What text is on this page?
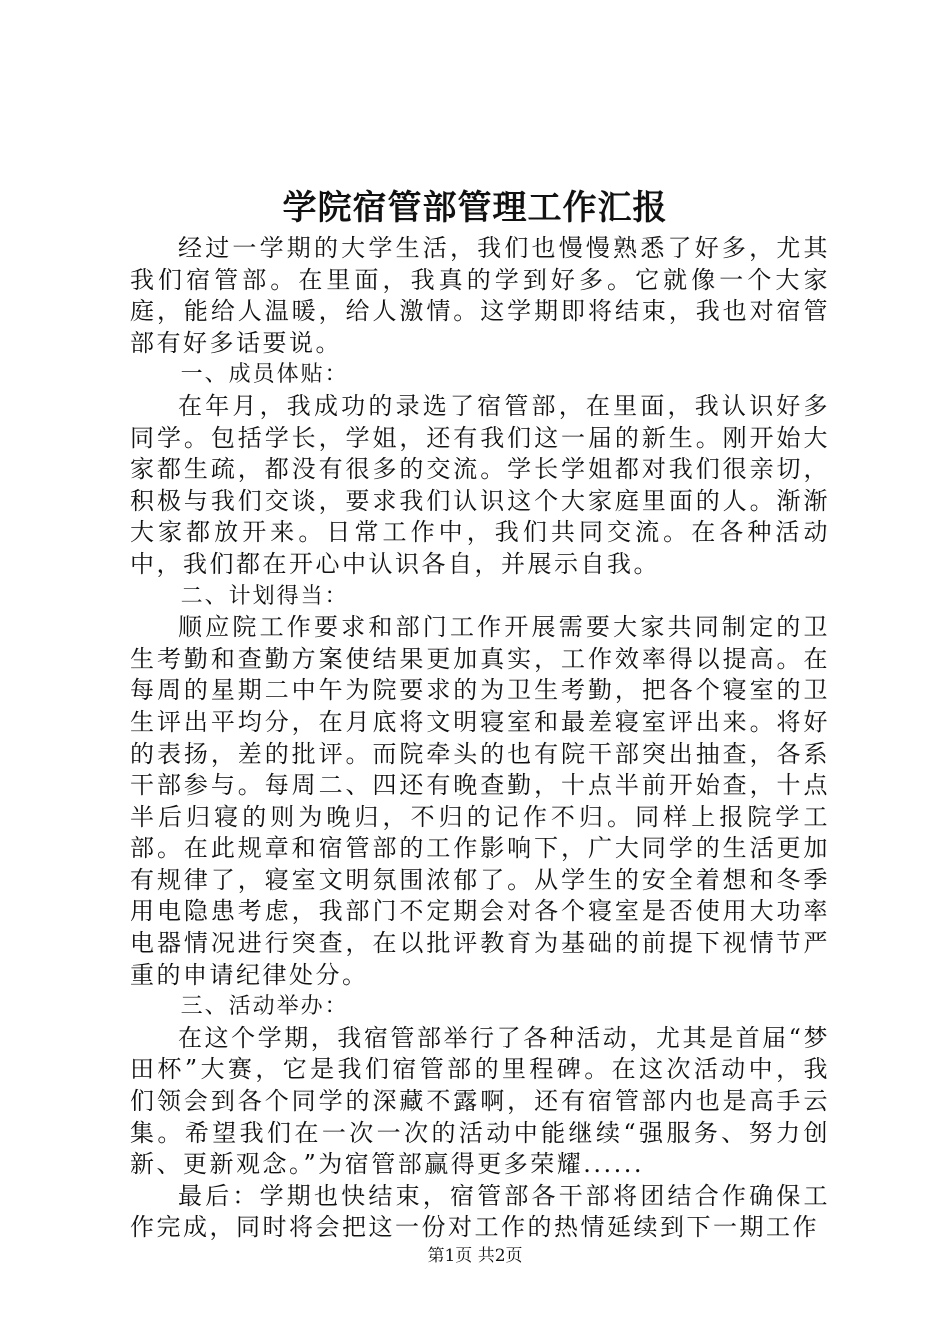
学院宿管部管理工作汇报

经过一学期的大学生活，我们也慢慢熟悉了好多，尤其我们宿管部。在里面，我真的学到好多。它就像一个大家庭，能给人温暖，给人激情。这学期即将结束，我也对宿管部有好多话要说。

一、成员体贴：

在年月，我成功的录选了宿管部，在里面，我认识好多同学。包括学长，学姐，还有我们这一届的新生。刚开始大家都生疏，都没有很多的交流。学长学姐都对我们很亲切，积极与我们交谈，要求我们认识这个大家庭里面的人。渐渐大家都放开来。日常工作中，我们共同交流。在各种活动中，我们都在开心中认识各自，并展示自我。

二、计划得当：

顺应院工作要求和部门工作开展需要大家共同制定的卫生考勤和查勤方案使结果更加真实，工作效率得以提高。在每周的星期二中午为院要求的为卫生考勤，把各个寝室的卫生评出平均分，在月底将文明寝室和最差寝室评出来。将好的表扬，差的批评。而院牵头的也有院干部突出抽查，各系干部参与。每周二、四还有晚查勤，十点半前开始查，十点半后归寝的则为晚归，不归的记作不归。同样上报院学工部。在此规章和宿管部的工作影响下，广大同学的生活更加有规律了，寝室文明氛围浓郁了。从学生的安全着想和冬季用电隐患考虑，我部门不定期会对各个寝室是否使用大功率电器情况进行突查，在以批评教育为基础的前提下视情节严重的申请纪律处分。

三、活动举办：

在这个学期，我宿管部举行了各种活动，尤其是首届“梦田杯”大赛，它是我们宿管部的里程碑。在这次活动中，我们领会到各个同学的深藏不露啊，还有宿管部内也是高手云集。希望我们在一次一次的活动中能继续“强服务、努力创新、更新观念。”为宿管部赢得更多荣耀......

最后：学期也快结束，宿管部各干部将团结合作确保工作完成，同时将会把这一份对工作的热情延续到下一期工作

第1页 共2页
